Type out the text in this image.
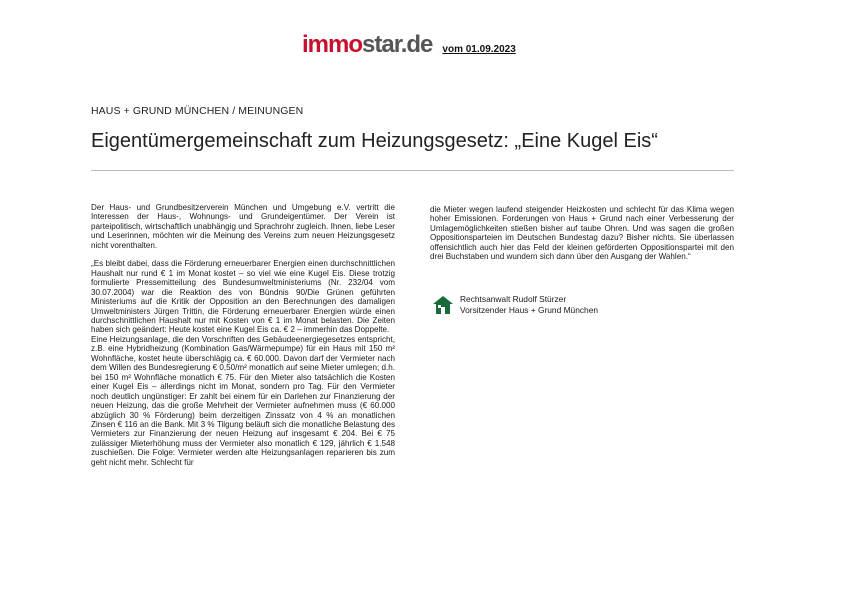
immostar.de vom 01.09.2023
HAUS + GRUND MÜNCHEN / MEINUNGEN
Eigentümergemeinschaft zum Heizungsgesetz: „Eine Kugel Eis“

Der Haus- und Grundbesitzerverein München und Umgebung e.V. vertritt die Interessen der Haus-, Wohnungs- und Grundeigentümer. Der Verein ist parteipolitisch, wirtschaftlich unabhängig und Sprachrohr zugleich. Ihnen, liebe Leser und Leserinnen, möchten wir die Meinung des Vereins zum neuen Heizungsgesetz nicht vorenthalten.

„Es bleibt dabei, dass die Förderung erneuerbarer Energien einen durchschnittlichen Haushalt nur rund € 1 im Monat kostet – so viel wie eine Kugel Eis. Diese trotzig formulierte Pressemitteilung des Bundesumweltministeriums (Nr. 232/04 vom 30.07.2004) war die Reaktion des von Bündnis 90/Die Grünen geführten Ministeriums auf die Kritik der Opposition an den Berechnungen des damaligen Umweltministers Jürgen Trittin, die Förderung erneuerbarer Energien würde einen durchschnittlichen Haushalt nur mit Kosten von € 1 im Monat belasten. Die Zeiten haben sich geändert: Heute kostet eine Kugel Eis ca. € 2 – immerhin das Doppelte.

Eine Heizungsanlage, die den Vorschriften des Gebäudeenergiegesetzes entspricht, z.B. eine Hybridheizung (Kombination Gas/Wärmepumpe) für ein Haus mit 150 m² Wohnfläche, kostet heute überschlägig ca. € 60.000. Davon darf der Vermieter nach dem Willen des Bundesregierung € 0,50/m² monatlich auf seine Mieter umlegen; d.h. bei 150 m² Wohnfläche monatlich € 75. Für den Mieter also tatsächlich die Kosten einer Kugel Eis – allerdings nicht im Monat, sondern pro Tag. Für den Vermieter noch deutlich ungünstiger: Er zahlt bei einem für ein Darlehen zur Finanzierung der neuen Heizung, das die große Mehrheit der Vermieter aufnehmen muss (€ 60.000 abzüglich 30 % Förderung) beim derzeitigen Zinssatz von 4 % an monatlichen Zinsen € 116 an die Bank. Mit 3 % Tilgung beläuft sich die monatliche Belastung des Vermieters zur Finanzierung der neuen Heizung auf insgesamt € 204. Bei € 75 zulässiger Mieterhöhung muss der Vermieter also monatlich € 129, jährlich € 1.548 zuschießen. Die Folge: Vermieter werden alte Heizungsanlagen reparieren bis zum geht nicht mehr. Schlecht für

die Mieter wegen laufend steigender Heizkosten und schlecht für das Klima wegen hoher Emissionen. Forderungen von Haus + Grund nach einer Verbesserung der Umlagemöglichkeiten stießen bisher auf taube Ohren. Und was sagen die großen Oppositionsparteien im Deutschen Bundestag dazu? Bisher nichts. Sie überlassen offensichtlich auch hier das Feld der kleinen geförderten Oppositionspartei mit den drei Buchstaben und wundern sich dann über den Ausgang der Wahlen.“

Rechtsanwalt Rudolf Stürzer
Vorsitzender Haus + Grund München
